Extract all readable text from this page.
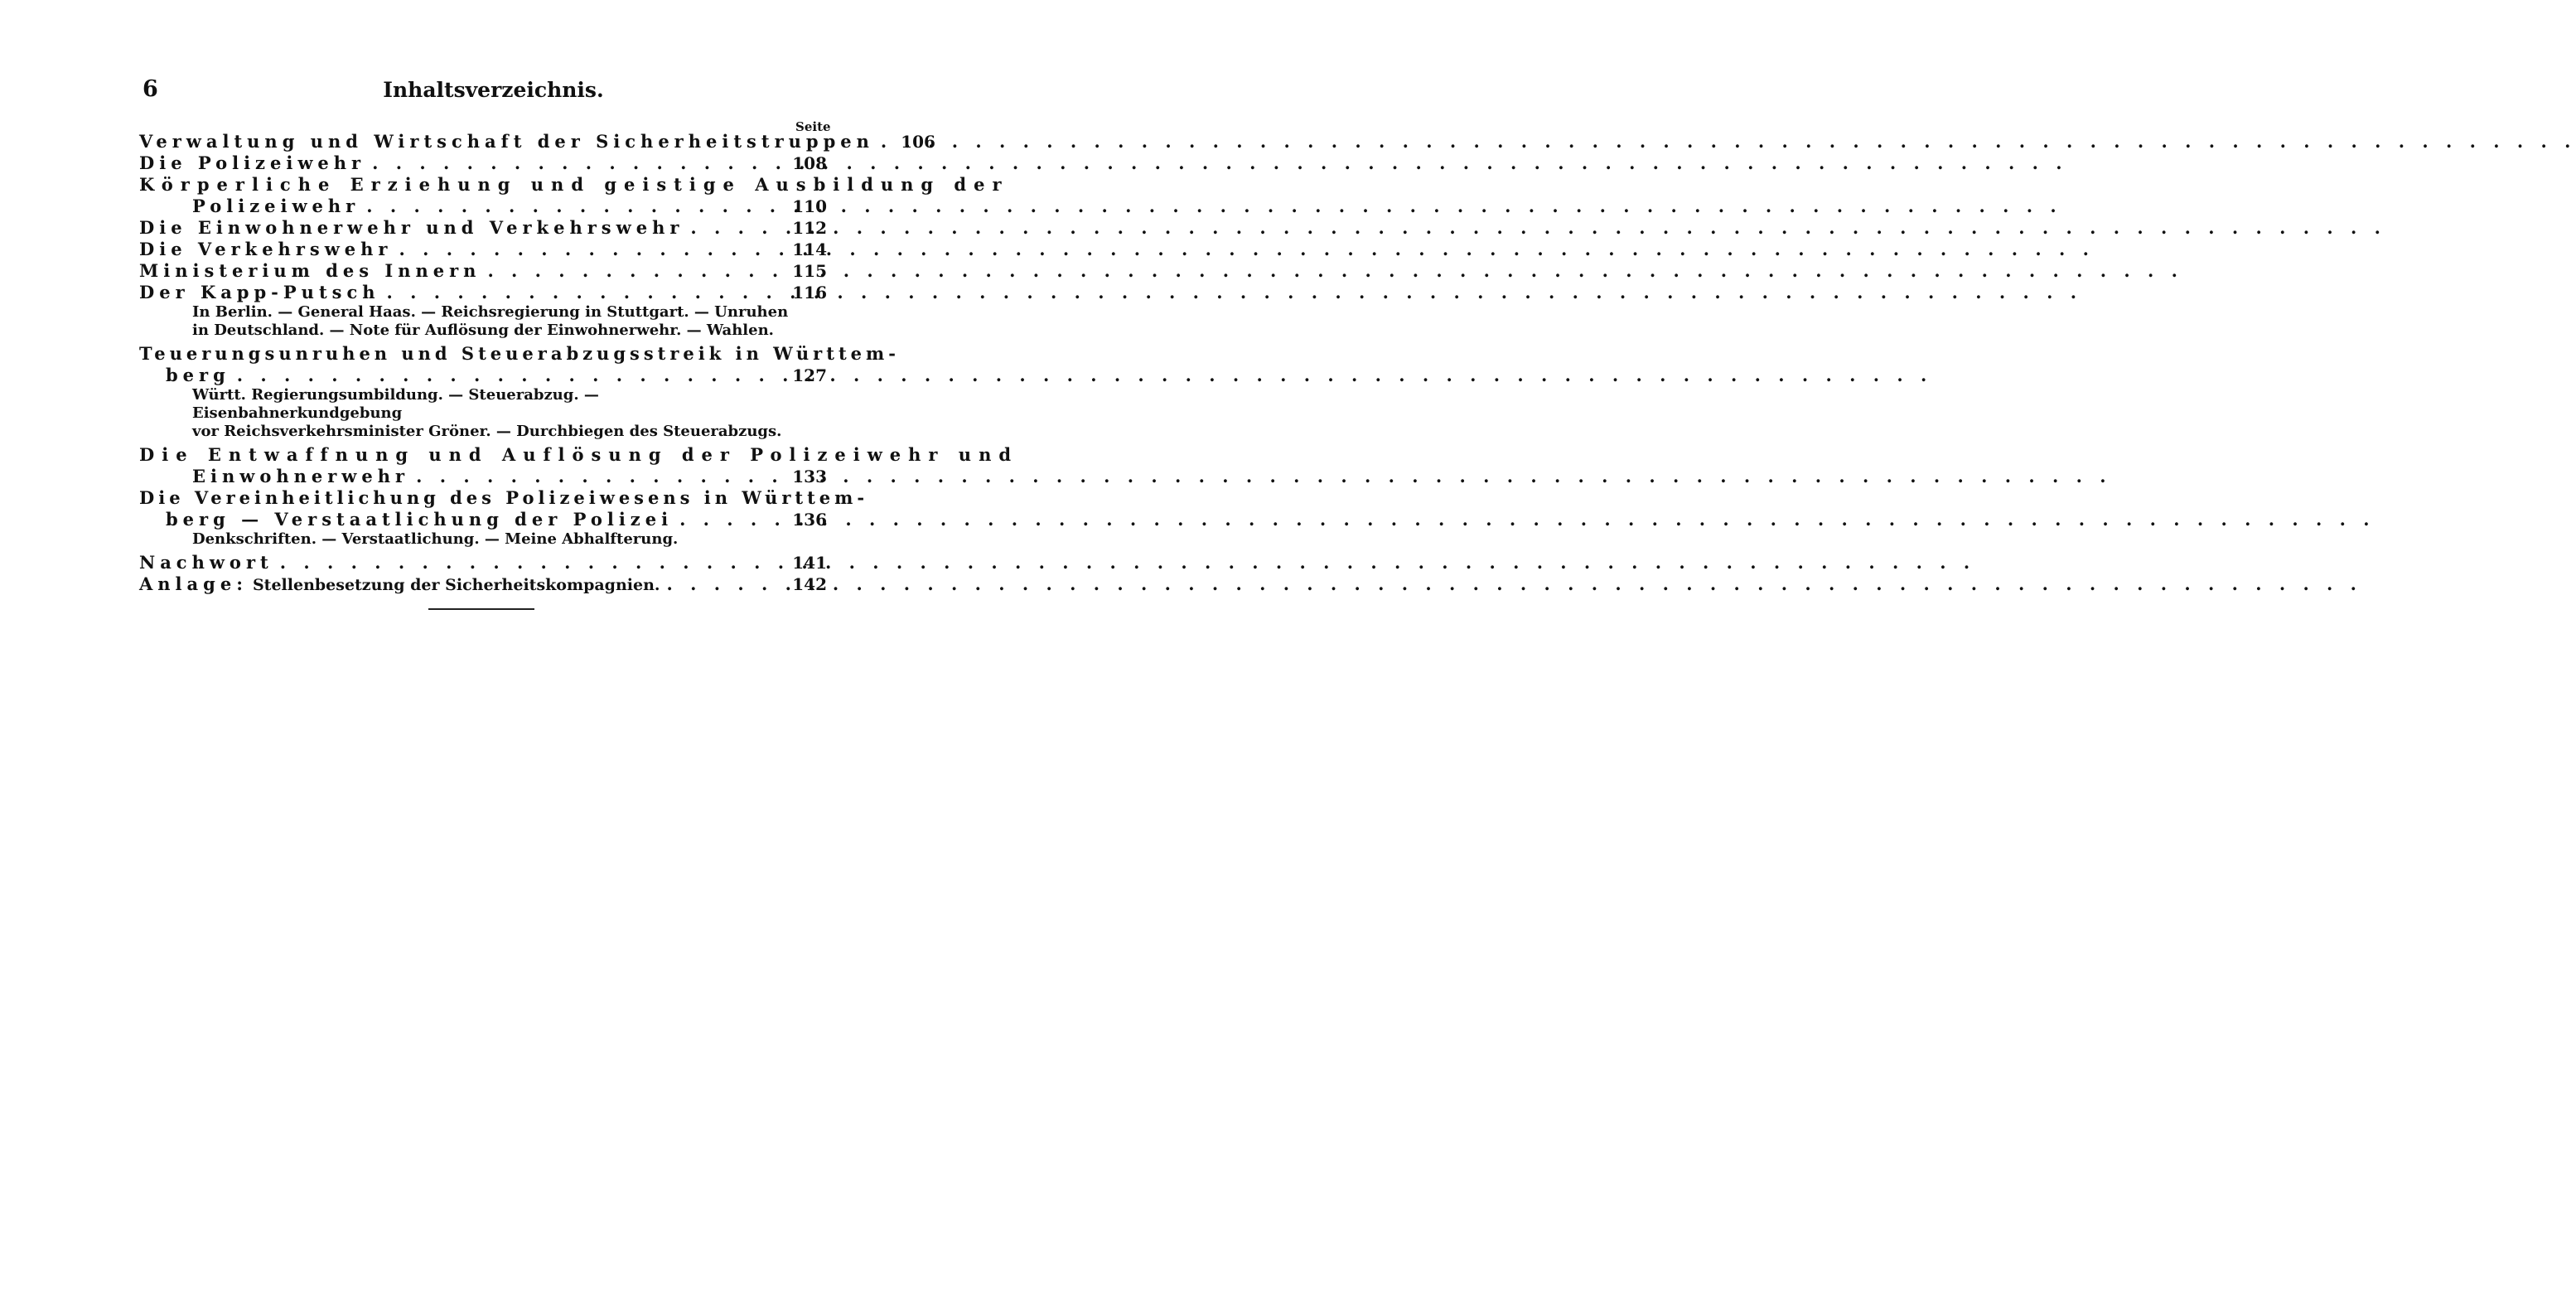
6	Inhaltsverzeichnis.
Seite
Verwaltung und Wirtschaft der Sicherheitstruppen . . . 106
Die Polizeiwehr . . .	108
Körperliche Erziehung und geistige Ausbildung der
Polizeiwehr . . .	110
Die Einwohnerwehr und Verkehrswehr . . .	112
Die Verkehrswehr . . .	114
Ministerium des Innern . . .	115
Der Kapp-Putsch . . .	116
In Berlin. — General Haas. — Reichsregierung in Stuttgart. — Unruhen
in Deutschland. — Note für Auflösung der Einwohnerwehr. — Wahlen.
Teuerungsunruhen und Steuerabzugsstreik in Württem-
berg . . .	127
Württ. Regierungsumbildung. — Steuerabzug. — Eisenbahnerkundgebung
vor Reichsverkehrsminister Gröner. — Durchbiegen des Steuerabzugs.
Die Entwaffnung und Auflösung der Polizeiwehr und
Einwohnerwehr . . .	133
Die Vereinheitlichung des Polizeiwesens in Württem-
berg — Verstaatlichung der Polizei . . .	136
Denkschriften. — Verstaatlichung. — Meine Abhalfterung.
Nachwort . . .	141
Anlage: Stellenbesetzung der Sicherheitskompagnien. . . .	142
